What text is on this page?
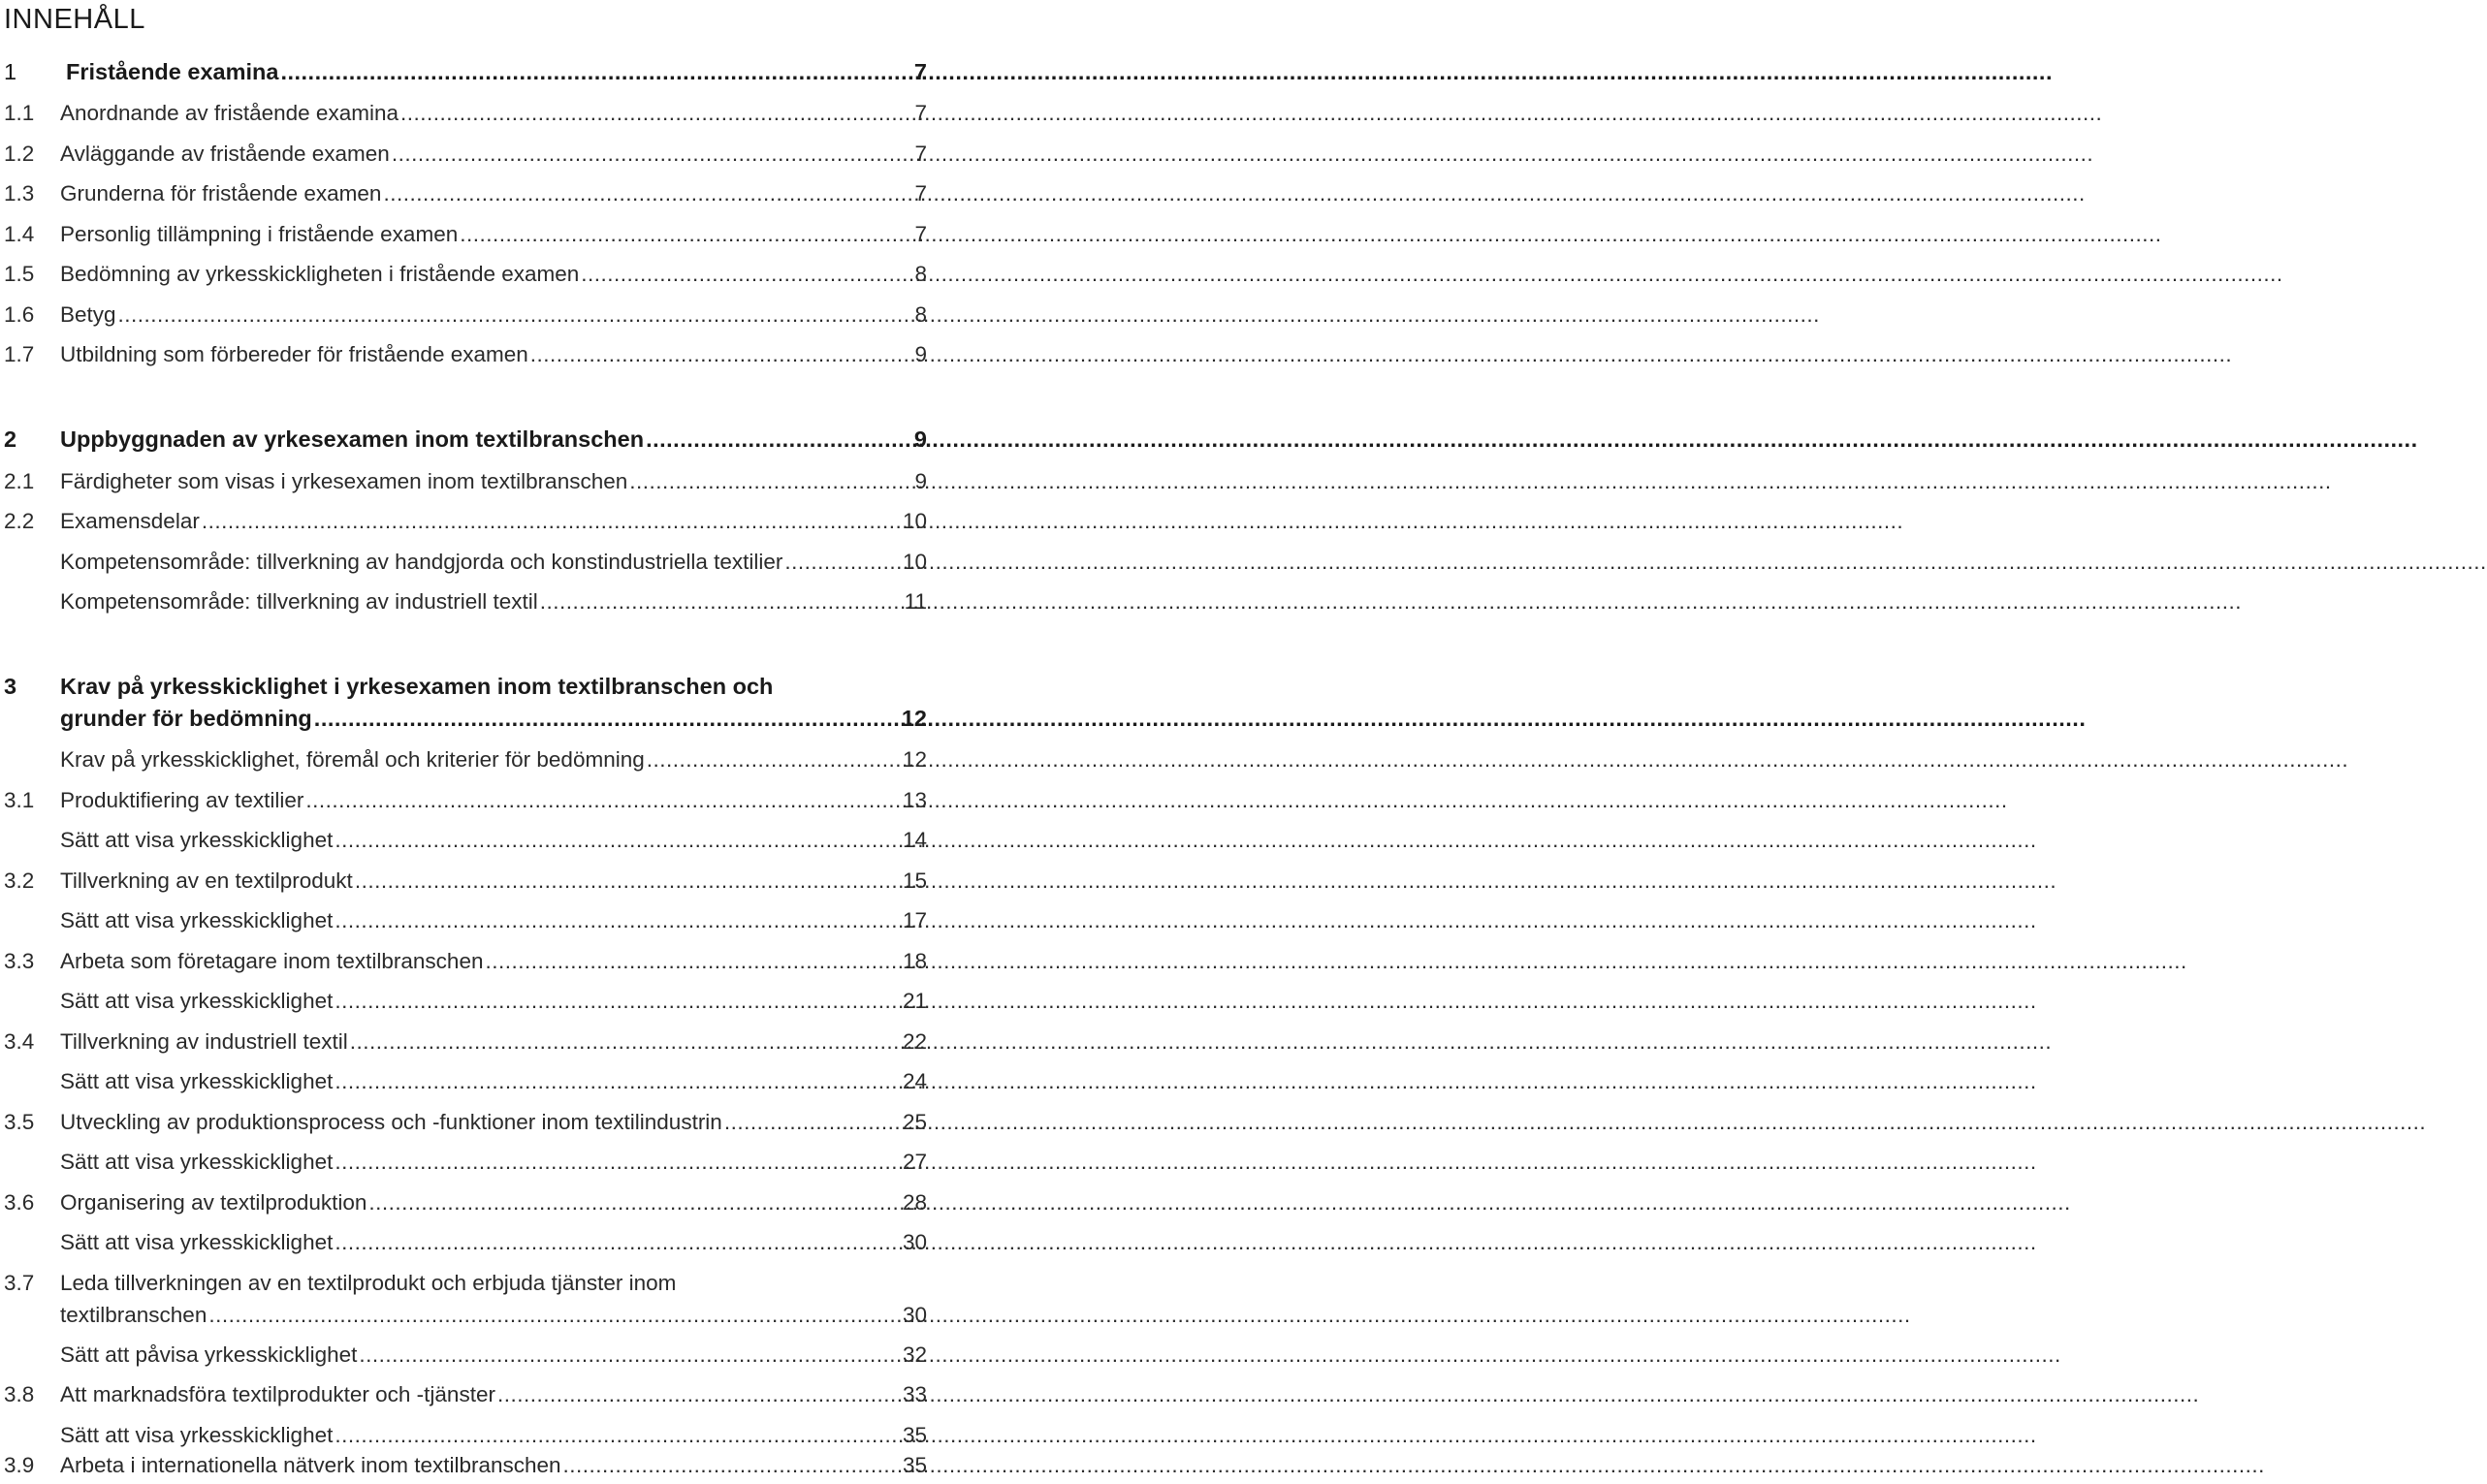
INNEHÅLL
1 Fristående examina .....	7
1.1 Anordnande av fristående examina .....	7
1.2 Avläggande av fristående examen .....	7
1.3 Grunderna för fristående examen .....	7
1.4 Personlig tillämpning i fristående examen .....	7
1.5 Bedömning av yrkesskickligheten i fristående examen .....	8
1.6 Betyg .....	8
1.7 Utbildning som förbereder för fristående examen .....	9
2 Uppbyggnaden av yrkesexamen inom textilbranschen .....	9
2.1 Färdigheter som visas i yrkesexamen inom textilbranschen .....	9
2.2 Examensdelar .....	10
Kompetensområde: tillverkning av handgjorda och konstindustriella textilier .....	10
Kompetensområde: tillverkning av industriell textil .....	11
3 Krav på yrkesskicklighet i yrkesexamen inom textilbranschen och
grunder för bedömning .....	12
Krav på yrkesskicklighet, föremål och kriterier för bedömning .....	12
3.1 Produktifiering av textilier .....	13
Sätt att visa yrkesskicklighet .....	14
3.2 Tillverkning av en textilprodukt .....	15
Sätt att visa yrkesskicklighet .....	17
3.3 Arbeta som företagare inom textilbranschen .....	18
Sätt att visa yrkesskicklighet .....	21
3.4 Tillverkning av industriell textil .....	22
Sätt att visa yrkesskicklighet .....	24
3.5 Utveckling av produktionsprocess och -funktioner inom textilindustrin .....	25
Sätt att visa yrkesskicklighet .....	27
3.6 Organisering av textilproduktion .....	28
Sätt att visa yrkesskicklighet .....	30
3.7 Leda tillverkningen av en textilprodukt och erbjuda tjänster inom
textilbranschen .....	30
Sätt att påvisa yrkesskicklighet .....	32
3.8 Att marknadsföra textilprodukter och -tjänster .....	33
Sätt att visa yrkesskicklighet .....	35
3.9 Arbeta i internationella nätverk inom textilbranschen .....	35
